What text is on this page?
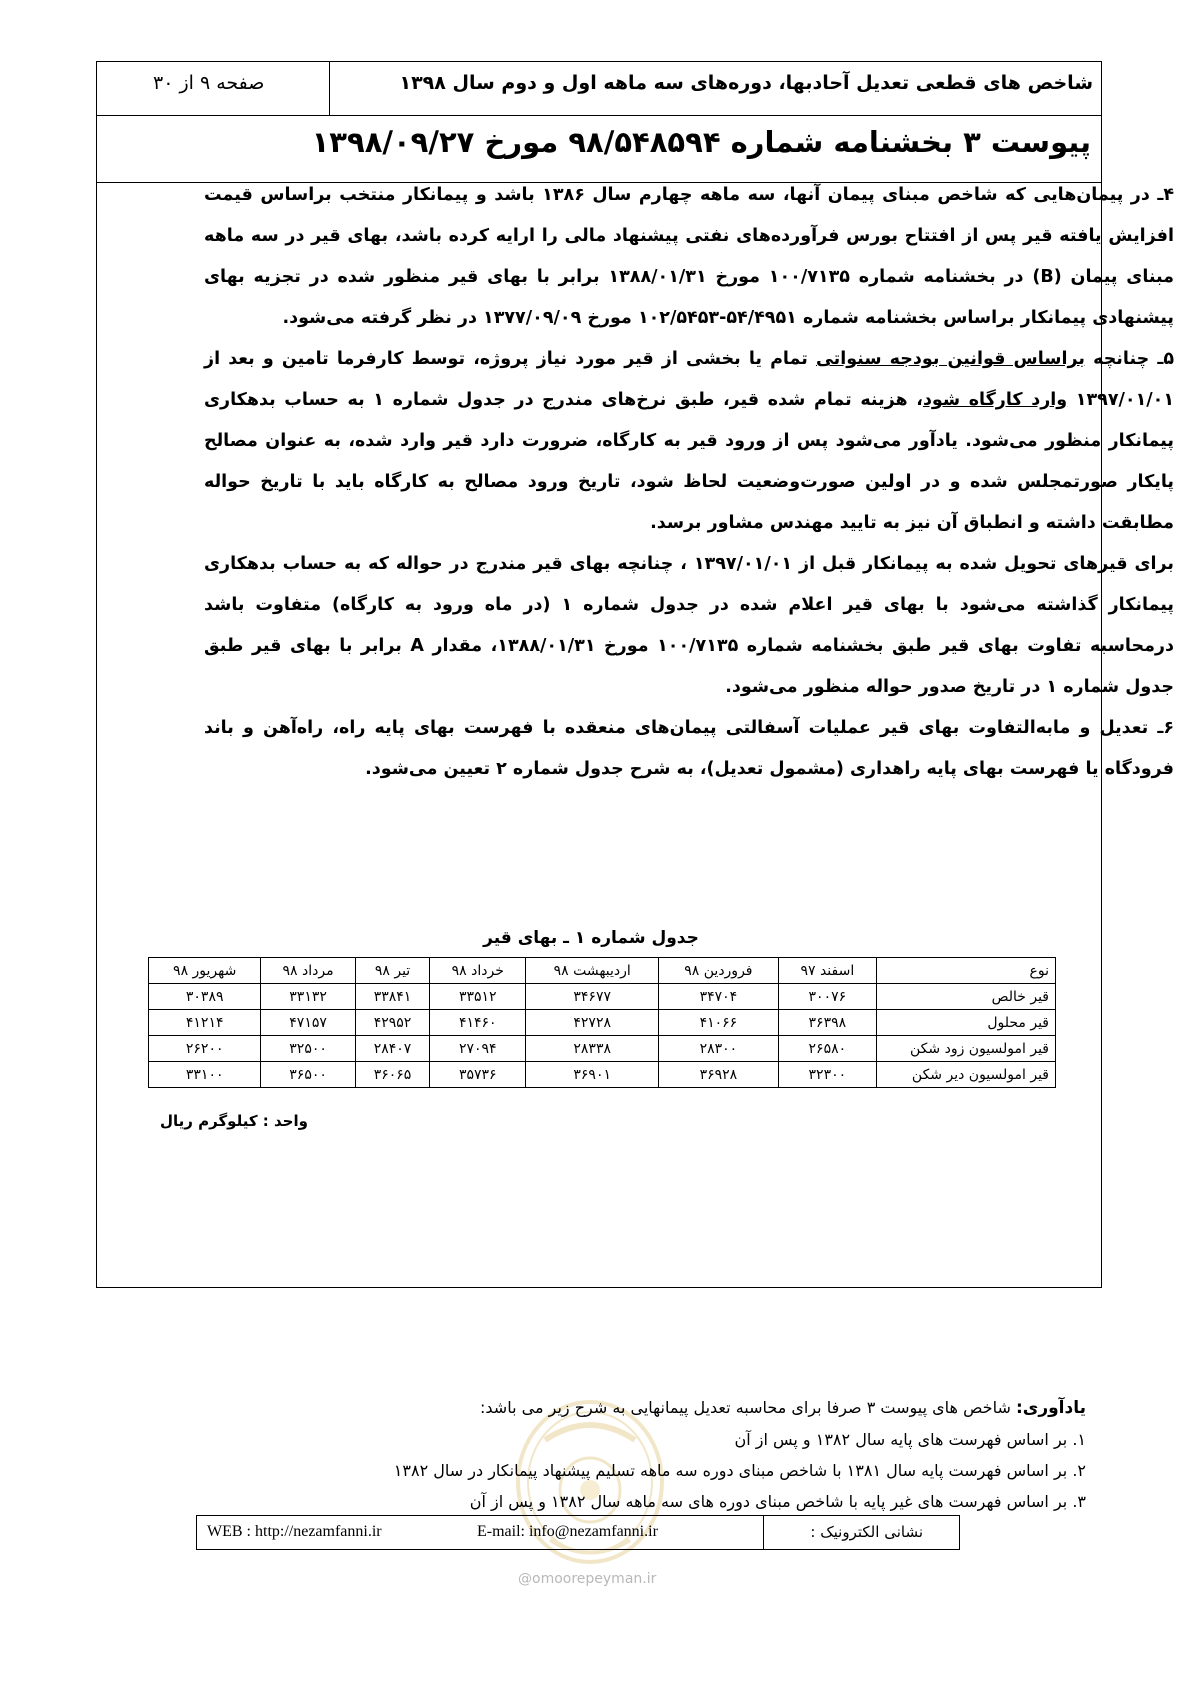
شاخص های قطعی تعدیل آحادبها، دوره‌های سه ماهه اول و دوم سال ۱۳۹۸
صفحه ۹ از ۳۰
پیوست ۳ بخشنامه شماره ۹۸/۵۴۸۵۹۴ مورخ ۱۳۹۸/۰۹/۲۷

۴ـ در پیمان‌هایی که شاخص مبنای پیمان آنها، سه ماهه چهارم سال ۱۳۸۶ باشد و پیمانکار منتخب براساس قیمت افزایش یافته قیر پس از افتتاح بورس فرآورده‌های نفتی پیشنهاد مالی را ارایه کرده باشد، بهای قیر در سه ماهه مبنای پیمان (B) در بخشنامه شماره ۱۰۰/۷۱۳۵ مورخ ۱۳۸۸/۰۱/۳۱ برابر با بهای قیر منظور شده در تجزیه بهای پیشنهادی پیمانکار براساس بخشنامه شماره ۵۴/۴۹۵۱-۱۰۲/۵۴۵۳ مورخ ۱۳۷۷/۰۹/۰۹ در نظر گرفته می‌شود.

۵ـ چنانچه براساس قوانین بودجه سنواتی تمام یا بخشی از قیر مورد نیاز پروژه، توسط کارفرما تامین و بعد از ۱۳۹۷/۰۱/۰۱ وارد کارگاه شود، هزینه تمام شده قیر، طبق نرخ‌های مندرج در جدول شماره ۱ به حساب بدهکاری پیمانکار منظور می‌شود. یادآور می‌شود پس از ورود قیر به کارگاه، ضرورت دارد قیر وارد شده، به عنوان مصالح پایکار صورتمجلس شده و در اولین صورت‌وضعیت لحاظ شود، تاریخ ورود مصالح به کارگاه باید با تاریخ حواله مطابقت داشته و انطباق آن نیز به تایید مهندس مشاور برسد.

برای قیرهای تحویل شده به پیمانکار قبل از ۱۳۹۷/۰۱/۰۱ ، چنانچه بهای قیر مندرج در حواله که به حساب بدهکاری پیمانکار گذاشته می‌شود با بهای قیر اعلام شده در جدول شماره ۱ (در ماه ورود به کارگاه) متفاوت باشد درمحاسبه تفاوت بهای قیر طبق بخشنامه شماره ۱۰۰/۷۱۳۵ مورخ ۱۳۸۸/۰۱/۳۱، مقدار A برابر با بهای قیر طبق جدول شماره ۱ در تاریخ صدور حواله منظور می‌شود.

۶ـ تعدیل و مابه‌التفاوت بهای قیر عملیات آسفالتی پیمان‌های منعقده با فهرست بهای پایه راه، راه‌آهن و باند فرودگاه یا فهرست بهای پایه راهداری (مشمول تعدیل)، به شرح جدول شماره ۲ تعیین می‌شود.

جدول شماره ۱ ـ بهای قیر
نوع	اسفند ۹۷	فروردین ۹۸	اردیبهشت ۹۸	خرداد ۹۸	تیر ۹۸	مرداد ۹۸	شهریور ۹۸
قیر خالص	۳۰۰۷۶	۳۴۷۰۴	۳۴۶۷۷	۳۳۵۱۲	۳۳۸۴۱	۳۳۱۳۲	۳۰۳۸۹
قیر محلول	۳۶۳۹۸	۴۱۰۶۶	۴۲۷۲۸	۴۱۴۶۰	۴۲۹۵۲	۴۷۱۵۷	۴۱۲۱۴
قیر امولسیون زود شکن	۲۶۵۸۰	۲۸۳۰۰	۲۸۳۳۸	۲۷۰۹۴	۲۸۴۰۷	۳۲۵۰۰	۲۶۲۰۰
قیر امولسیون دیر شکن	۳۲۳۰۰	۳۶۹۲۸	۳۶۹۰۱	۳۵۷۳۶	۳۶۰۶۵	۳۶۵۰۰	۳۳۱۰۰
واحد : کیلوگرم ریال
یادآوری: شاخص های پیوست ۳ صرفا برای محاسبه تعدیل پیمانهایی به شرح زیر می باشد:
۱. بر اساس فهرست های پایه سال ۱۳۸۲ و پس از آن
۲. بر اساس فهرست پایه سال ۱۳۸۱ با شاخص مبنای دوره سه ماهه تسلیم پیشنهاد پیمانکار در سال ۱۳۸۲
۳. بر اساس فهرست های غیر پایه با شاخص مبنای دوره های سه ماهه سال ۱۳۸۲ و پس از آن
نشانی الکترونیک :
E-mail: info@nezamfanni.ir
WEB : http://nezamfanni.ir
@omoorepeyman.ir
